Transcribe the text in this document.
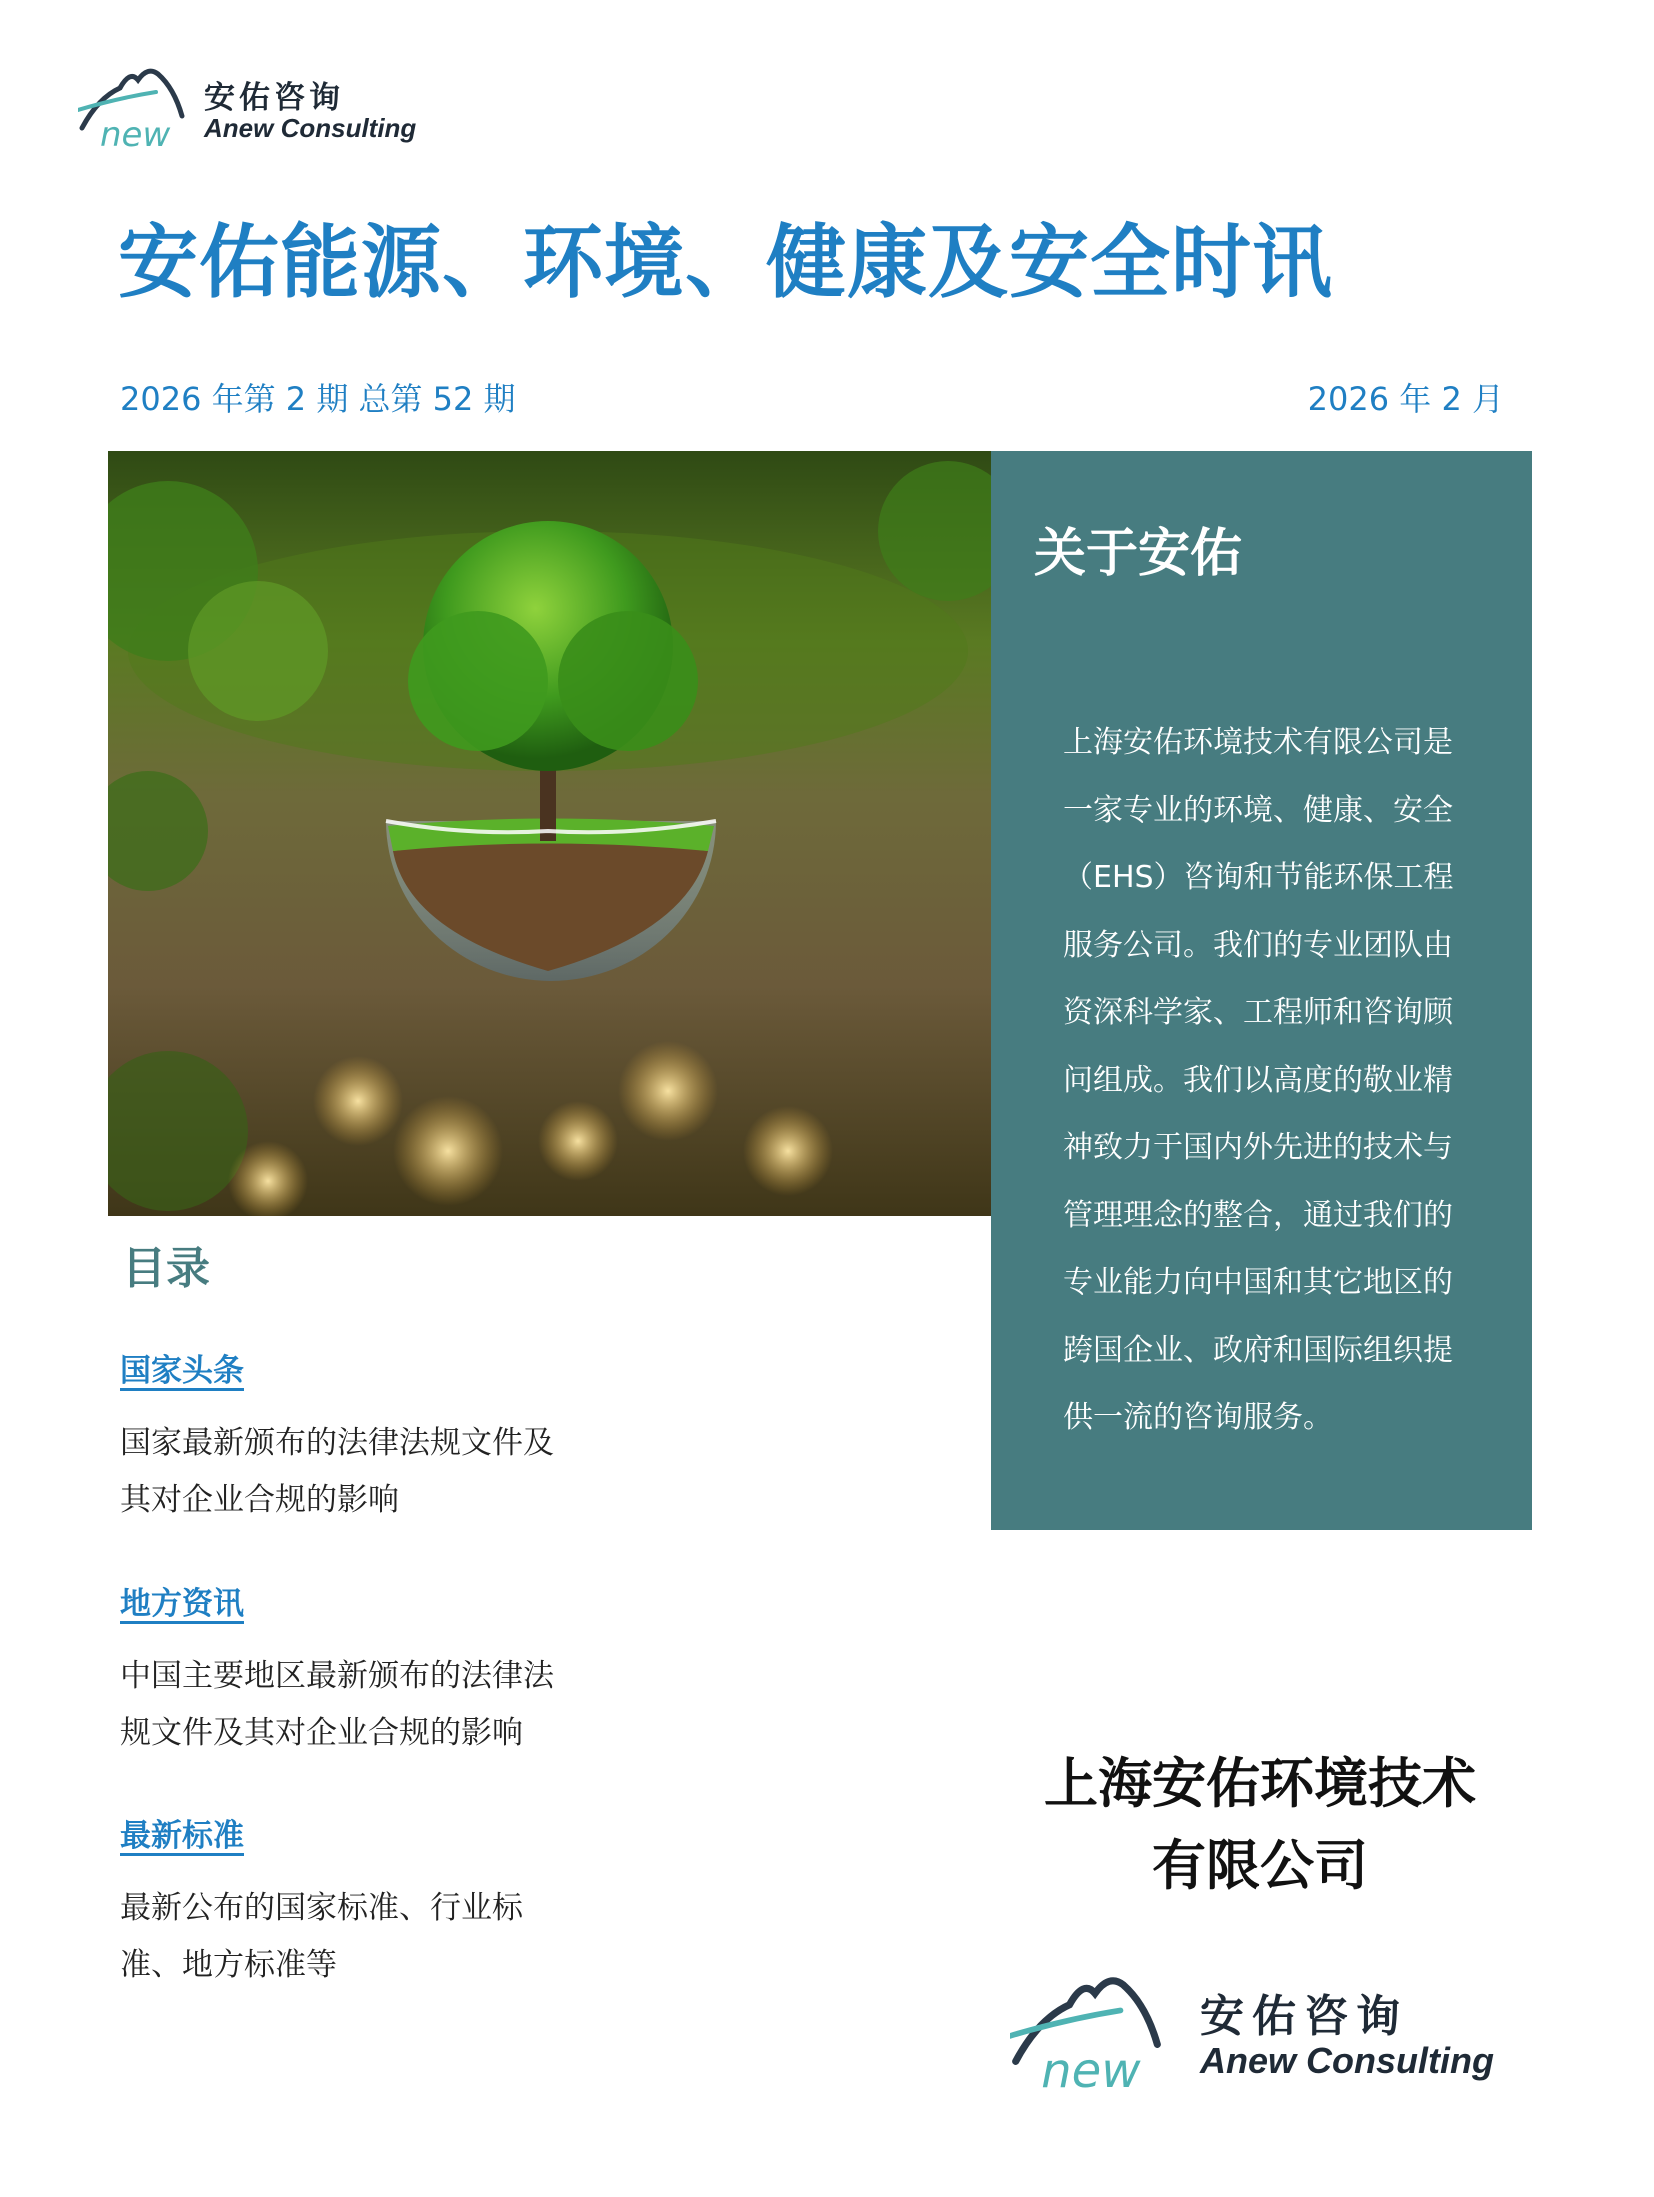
new
安佑咨询
Anew Consulting
安佑能源、环境、健康及安全时讯
2026 年第 2 期 总第 52 期	2026 年 2 月
关于安佑
上海安佑环境技术有限公司是
一家专业的环境、健康、安全
（EHS）咨询和节能环保工程
服务公司。我们的专业团队由
资深科学家、工程师和咨询顾
问组成。我们以高度的敬业精
神致力于国内外先进的技术与
管理理念的整合，通过我们的
专业能力向中国和其它地区的
跨国企业、政府和国际组织提
供一流的咨询服务。
目录
国家头条
国家最新颁布的法律法规文件及
其对企业合规的影响
地方资讯
中国主要地区最新颁布的法律法
规文件及其对企业合规的影响
最新标准
最新公布的国家标准、行业标
准、地方标准等
上海安佑环境技术
有限公司
new
安佑咨询
Anew Consulting
